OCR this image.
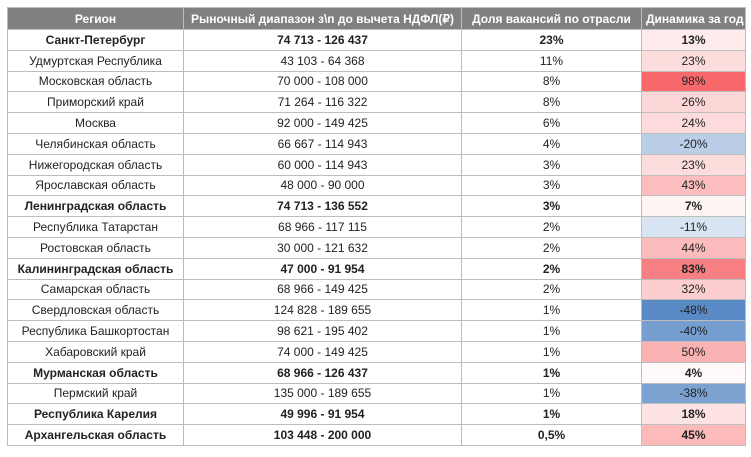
Регион	Рыночный диапазон з\п до вычета НДФЛ(₽)	Доля вакансий по отрасли	Динамика за год
Санкт-Петербург	74 713 - 126 437	23%	13%
Удмуртская Республика	43 103 - 64 368	11%	23%
Московская область	70 000 - 108 000	8%	98%
Приморский край	71 264 - 116 322	8%	26%
Москва	92 000 - 149 425	6%	24%
Челябинская область	66 667 - 114 943	4%	-20%
Нижегородская область	60 000 - 114 943	3%	23%
Ярославская область	48 000 - 90 000	3%	43%
Ленинградская область	74 713 - 136 552	3%	7%
Республика Татарстан	68 966 - 117 115	2%	-11%
Ростовская область	30 000 - 121 632	2%	44%
Калининградская область	47 000 - 91 954	2%	83%
Самарская область	68 966 - 149 425	2%	32%
Свердловская область	124 828 - 189 655	1%	-48%
Республика Башкортостан	98 621 - 195 402	1%	-40%
Хабаровский край	74 000 - 149 425	1%	50%
Мурманская область	68 966 - 126 437	1%	4%
Пермский край	135 000 - 189 655	1%	-38%
Республика Карелия	49 996 - 91 954	1%	18%
Архангельская область	103 448 - 200 000	0,5%	45%
